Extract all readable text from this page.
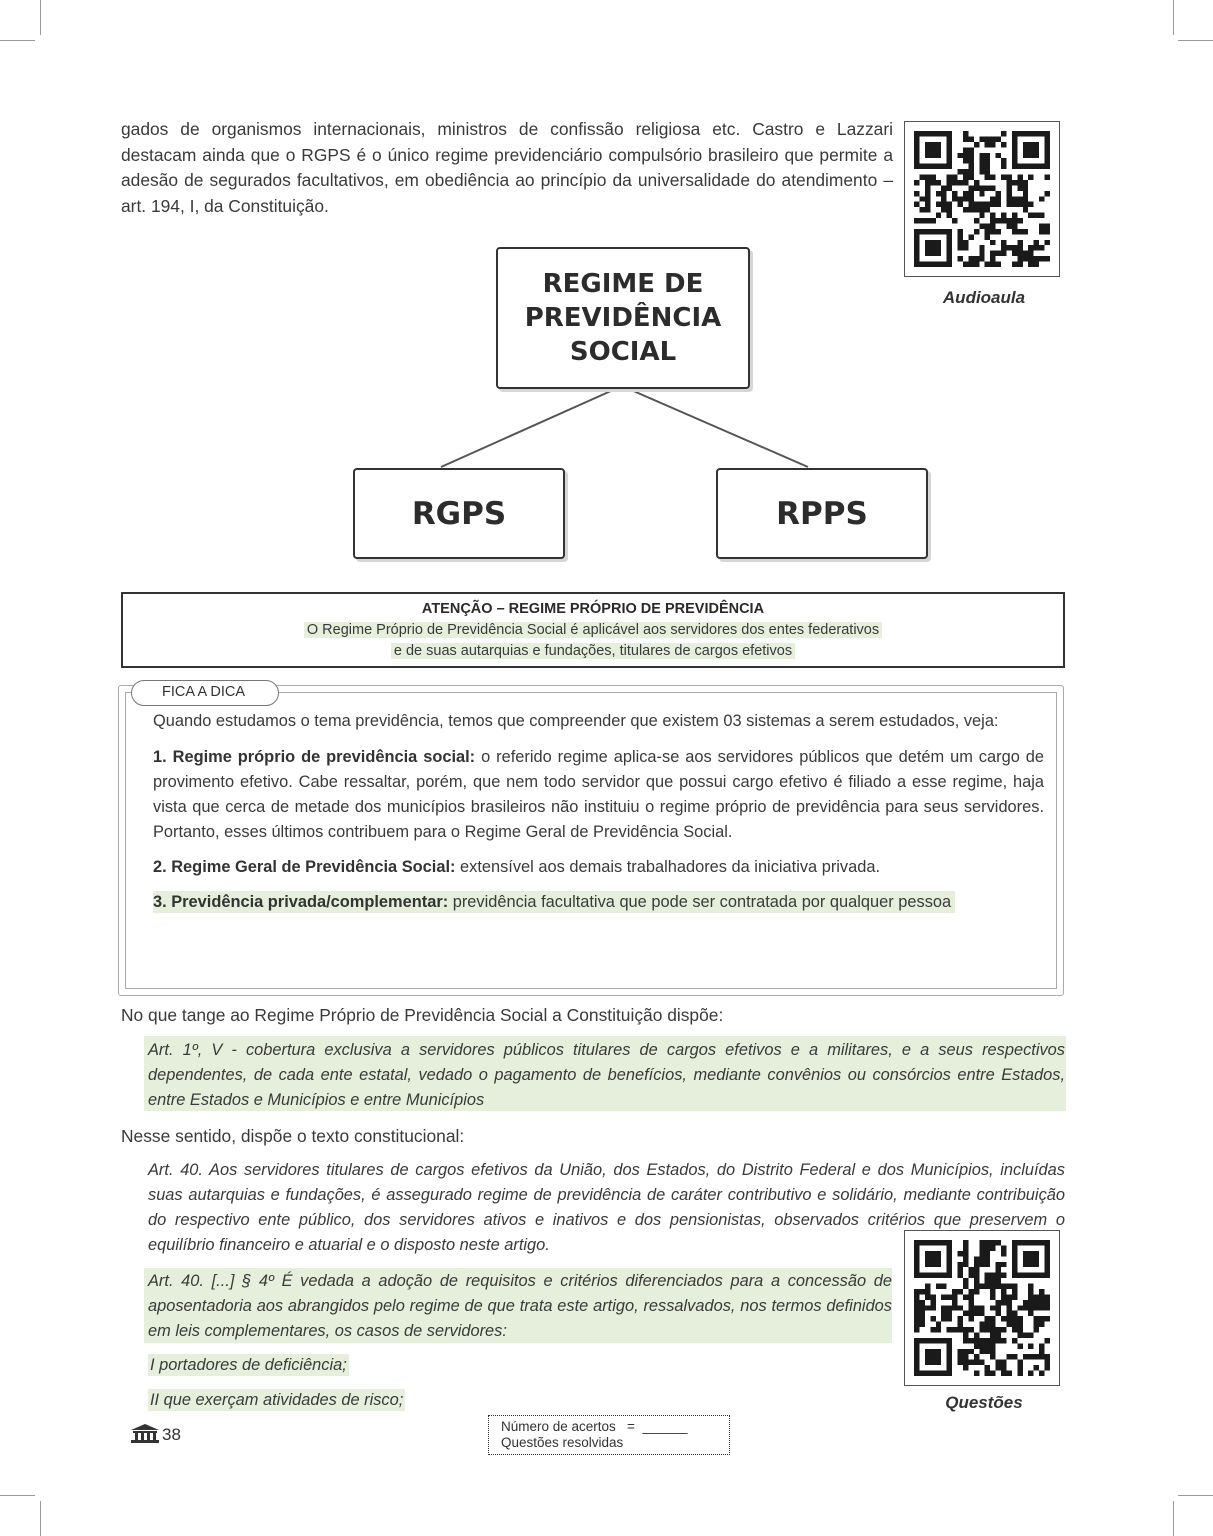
gados de organismos internacionais, ministros de confissão religiosa etc. Castro e Lazzari destacam ainda que o RGPS é o único regime previdenciário compulsório brasileiro que permite a adesão de segurados facultativos, em obediência ao princípio da universalidade do atendimento – art. 194, I, da Constituição.

Audioaula
REGIME DE
PREVIDÊNCIA
SOCIAL
RGPS	RPPS
ATENÇÃO – REGIME PRÓPRIO DE PREVIDÊNCIA
O Regime Próprio de Previdência Social é aplicável aos servidores dos entes federativos
e de suas autarquias e fundações, titulares de cargos efetivos
FICA A DICA

Quando estudamos o tema previdência, temos que compreender que existem 03 sistemas a serem estudados, veja:

1. Regime próprio de previdência social: o referido regime aplica-se aos servidores públicos que detém um cargo de provimento efetivo. Cabe ressaltar, porém, que nem todo servidor que possui cargo efetivo é filiado a esse regime, haja vista que cerca de metade dos municípios brasileiros não instituiu o regime próprio de previdência para seus servidores. Portanto, esses últimos contribuem para o Regime Geral de Previdência Social.

2. Regime Geral de Previdência Social: extensível aos demais trabalhadores da iniciativa privada.

3. Previdência privada/complementar: previdência facultativa que pode ser contratada por qualquer pessoa

No que tange ao Regime Próprio de Previdência Social a Constituição dispõe:

Art. 1º, V - cobertura exclusiva a servidores públicos titulares de cargos efetivos e a militares, e a seus respectivos dependentes, de cada ente estatal, vedado o pagamento de benefícios, mediante convênios ou consórcios entre Estados, entre Estados e Municípios e entre Municípios

Nesse sentido, dispõe o texto constitucional:

Art. 40. Aos servidores titulares de cargos efetivos da União, dos Estados, do Distrito Federal e dos Municípios, incluídas suas autarquias e fundações, é assegurado regime de previdência de caráter contributivo e solidário, mediante contribuição do respectivo ente público, dos servidores ativos e inativos e dos pensionistas, observados critérios que preservem o equilíbrio financeiro e atuarial e o disposto neste artigo.

Art. 40. [...] § 4º É vedada a adoção de requisitos e critérios diferenciados para a concessão de aposentadoria aos abrangidos pelo regime de que trata este artigo, ressalvados, nos termos definidos em leis complementares, os casos de servidores:

I portadores de deficiência;

II que exerçam atividades de risco;	Questões
38	Número de acertos   =  ______
Questões resolvidas
